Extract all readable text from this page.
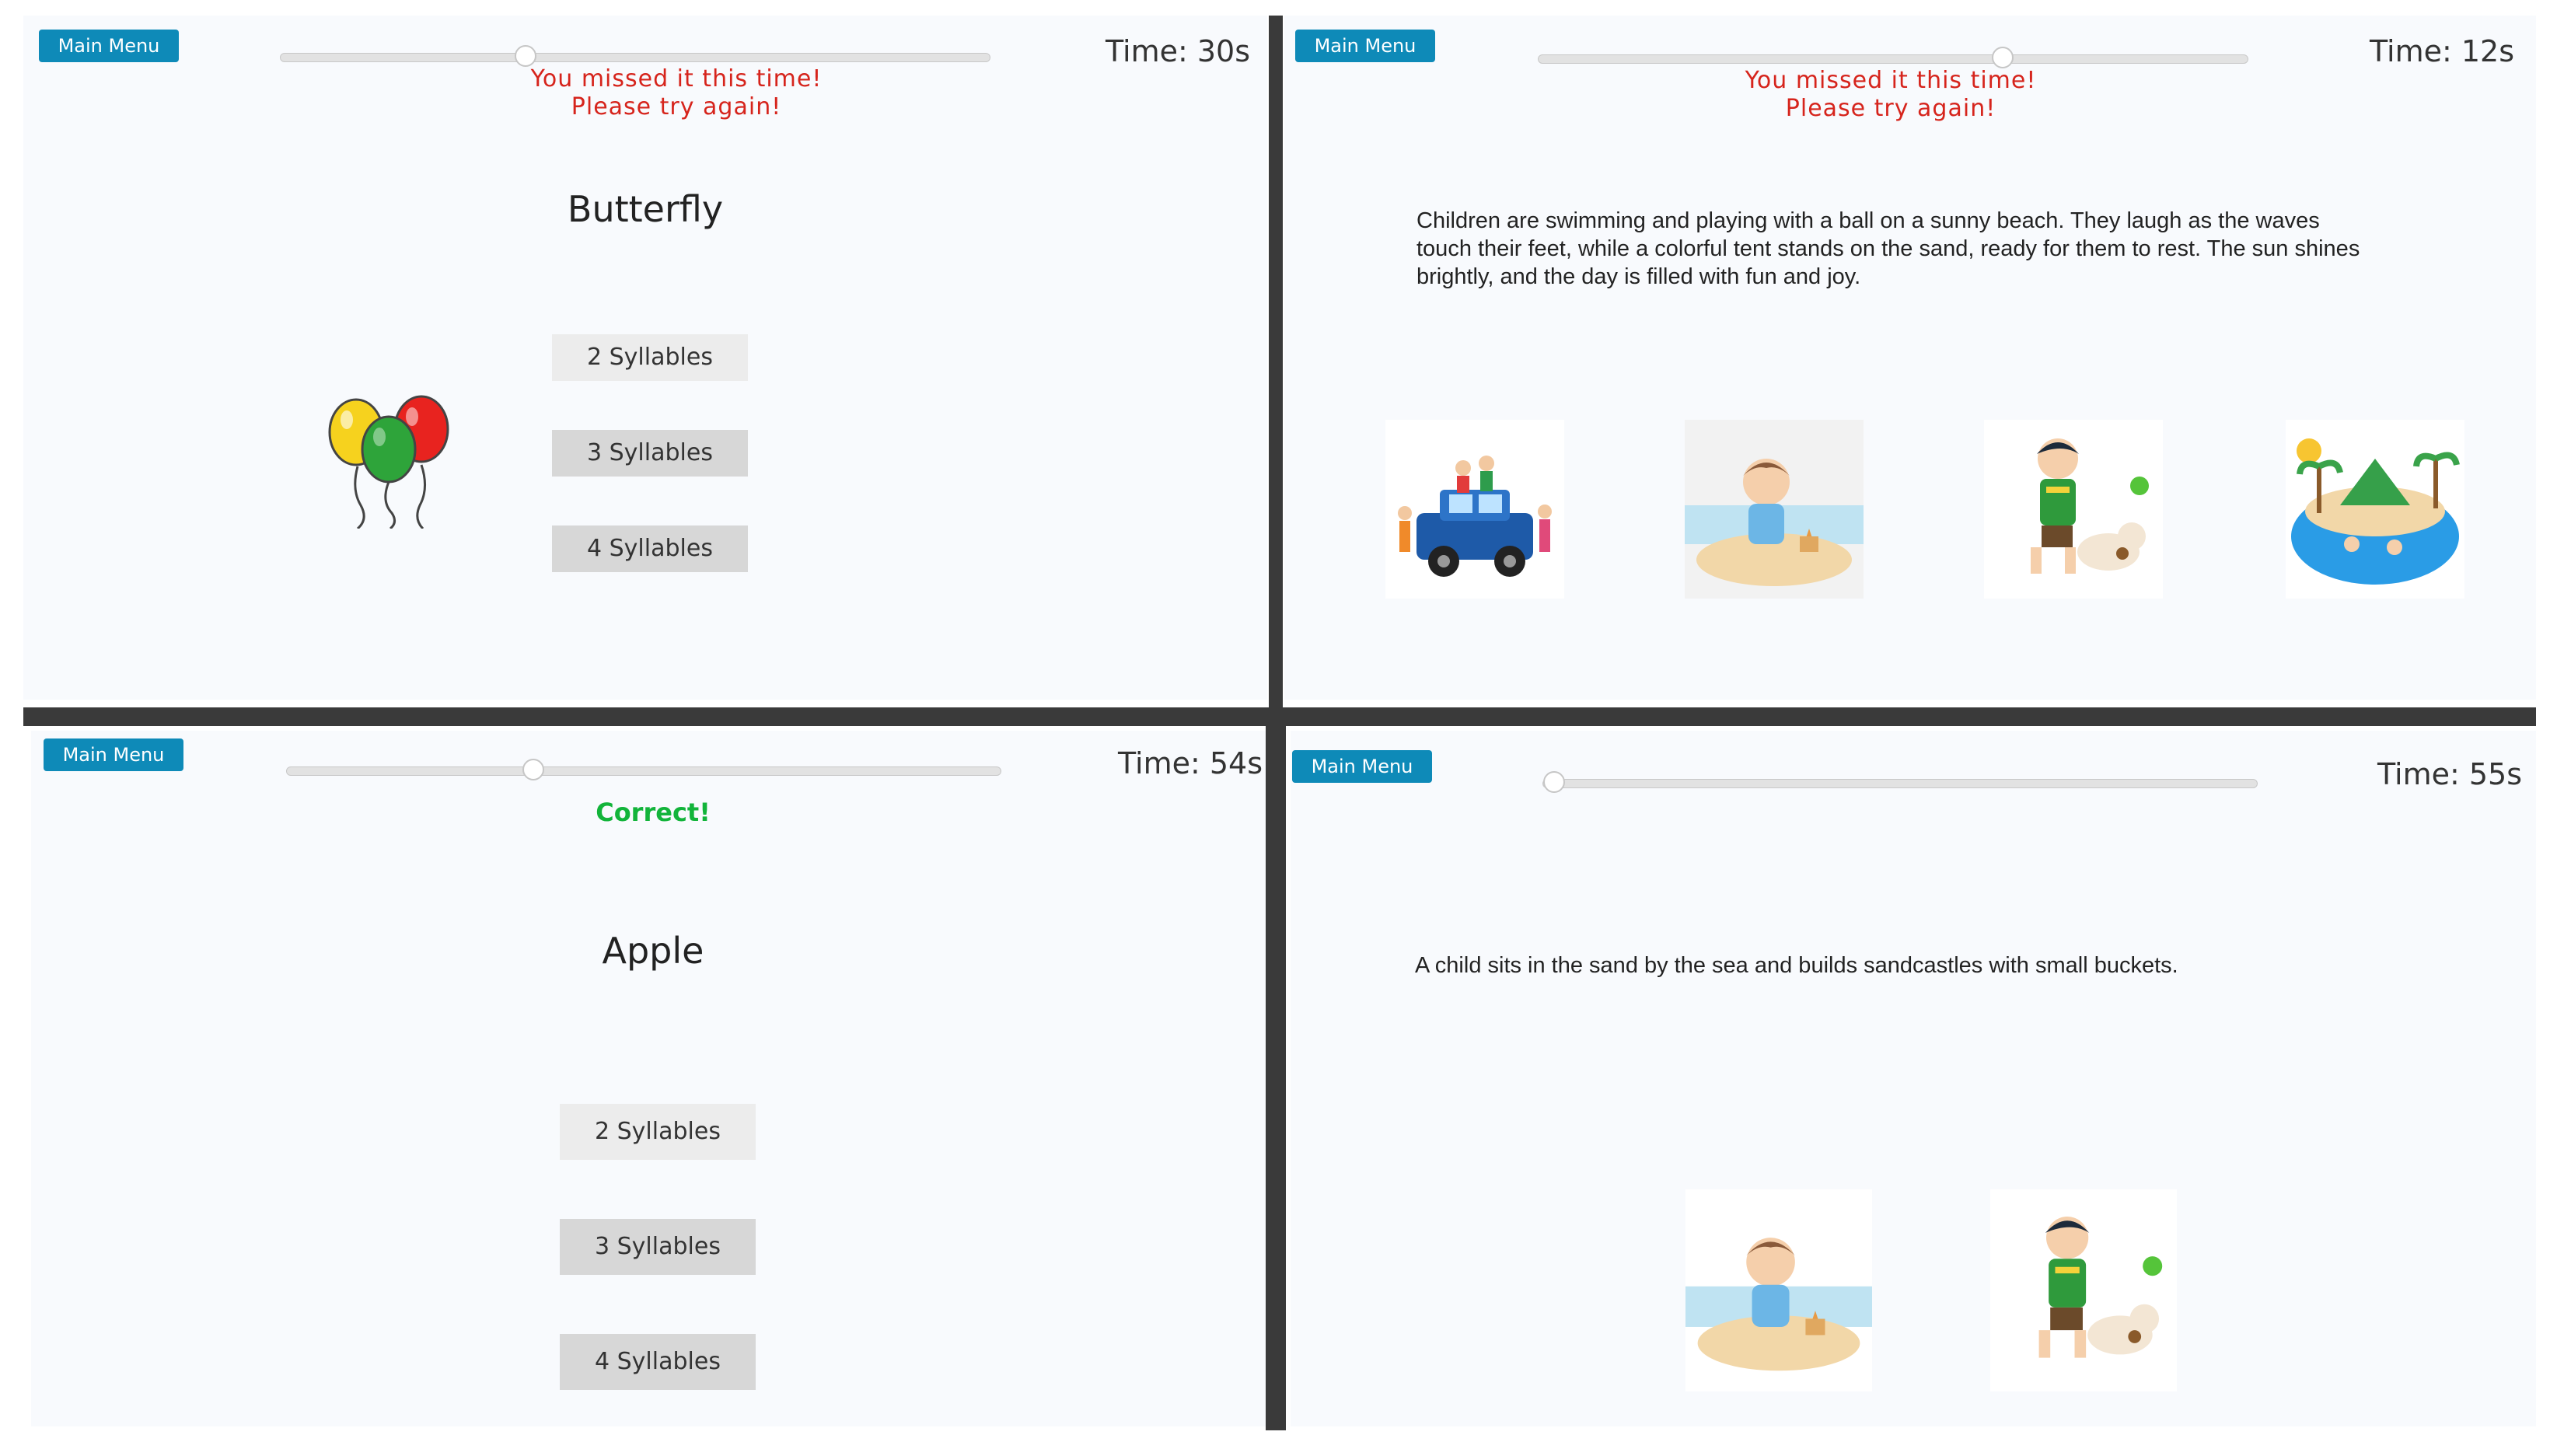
Main Menu	Time: 30s
You missed it this time!
Please try again!
Butterfly
2 Syllables
3 Syllables
4 Syllables
Main Menu	Time: 12s
You missed it this time!
Please try again!
Children are swimming and playing with a ball on a sunny beach. They laugh as the waves touch their feet, while a colorful tent stands on the sand, ready for them to rest. The sun shines brightly, and the day is filled with fun and joy.
Main Menu	Time: 54s
Correct!
Apple
2 Syllables
3 Syllables
4 Syllables
Main Menu	Time: 55s
A child sits in the sand by the sea and builds sandcastles with small buckets.
